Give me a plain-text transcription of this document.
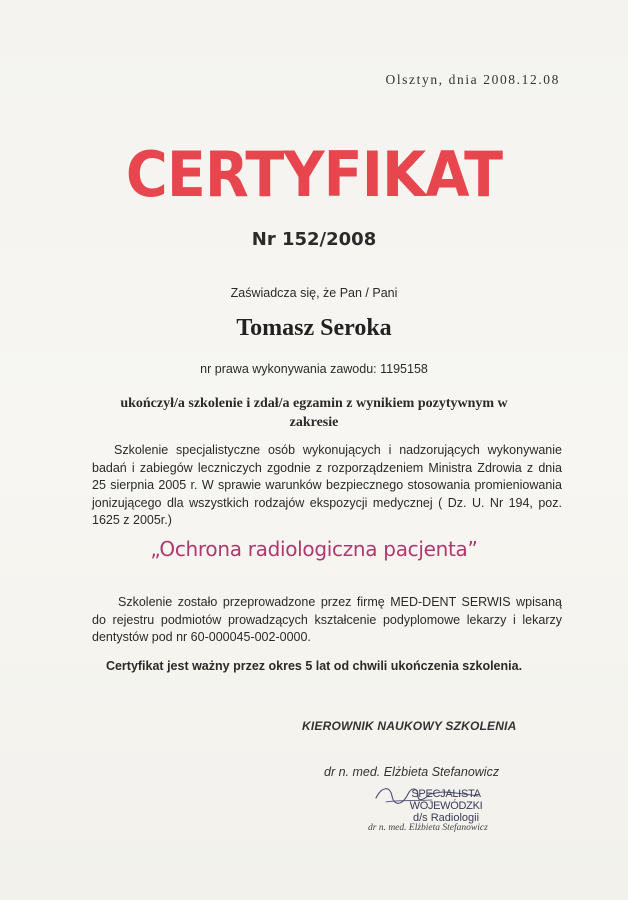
Olsztyn, dnia 2008.12.08
CERTYFIKAT
Nr 152/2008
Zaświadcza się, że Pan / Pani
Tomasz Seroka
nr prawa wykonywania zawodu: 1195158
ukończył/a szkolenie i zdał/a egzamin z wynikiem pozytywnym w zakresie
Szkolenie specjalistyczne osób wykonujących i nadzorujących wykonywanie badań i zabiegów leczniczych zgodnie z rozporządzeniem Ministra Zdrowia z dnia 25 sierpnia 2005 r. W sprawie warunków bezpiecznego stosowania promieniowania jonizującego dla wszystkich rodzajów ekspozycji medycznej ( Dz. U. Nr 194, poz. 1625 z 2005r.)
„Ochrona radiologiczna pacjenta”
Szkolenie zostało przeprowadzone przez firmę MED-DENT SERWIS wpisaną do rejestru podmiotów prowadzących kształcenie podyplomowe lekarzy i lekarzy dentystów pod nr 60-000045-002-0000.
Certyfikat jest ważny przez okres 5 lat od chwili ukończenia szkolenia.
KIEROWNIK NAUKOWY SZKOLENIA
dr n. med. Elżbieta Stefanowicz
SPECJALISTA WOJEWÓDZKI
d/s Radiologii
dr n. med. Elżbieta Stefanowicz
